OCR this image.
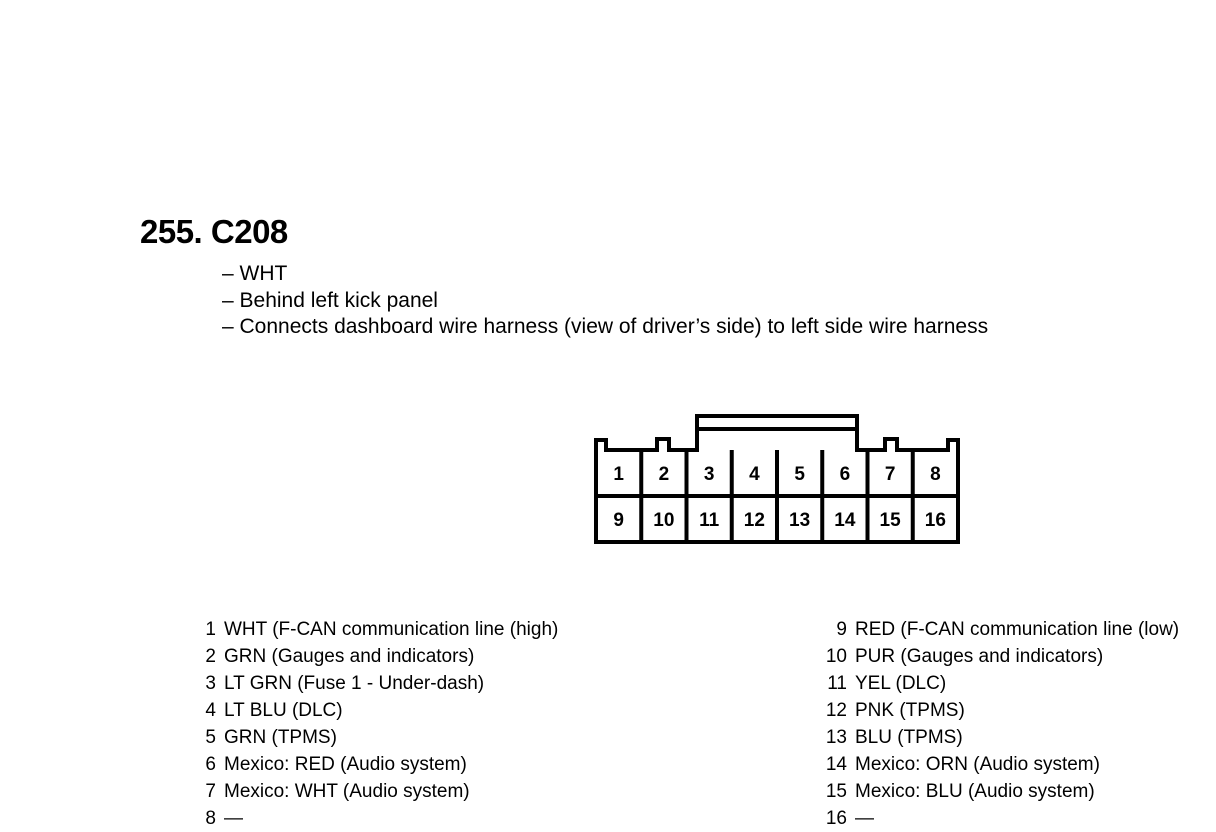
255. C208
– WHT
– Behind left kick panel
– Connects dashboard wire harness (view of driver’s side) to left side wire harness
1 2 3 4 5 6 7 8
9 10 11 12 13 14 15 16
1 WHT (F-CAN communication line (high)
2 GRN (Gauges and indicators)
3 LT GRN (Fuse 1 - Under-dash)
4 LT BLU (DLC)
5 GRN (TPMS)
6 Mexico: RED (Audio system)
7 Mexico: WHT (Audio system)
8 —
9 RED (F-CAN communication line (low)
10 PUR (Gauges and indicators)
11 YEL (DLC)
12 PNK (TPMS)
13 BLU (TPMS)
14 Mexico: ORN (Audio system)
15 Mexico: BLU (Audio system)
16 —
